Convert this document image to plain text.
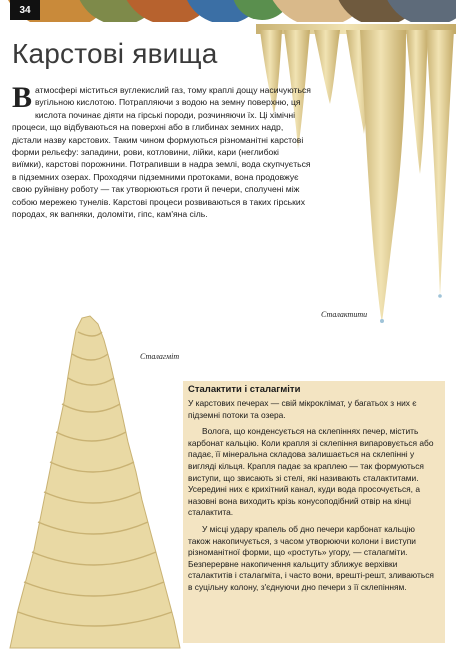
34
Карстові явища

Ватмосфері міститься вуглекислий газ, тому краплі дощу насичуються вугільною кислотою. Потрапляючи з водою на земну поверхню, ця кислота починає діяти на гірські породи, розчиняючи їх. Ці хімічні процеси, що відбуваються на поверхні або в глибинах земних надр, дістали назву карстових. Таким чином формуються різноманітні карстові форми рельєфу: западини, рови, котловини, лійки, кари (неглибокі виїмки), карстові порожнини. Потрапивши в надра землі, вода скупчується в підземних озерах. Проходячи підземними протоками, вона продовжує свою руйнівну роботу — так утворюються гроти й печери, сполучені між собою мережею тунелів. Карстові процеси розвиваються в таких гірських породах, як вапняки, доломіти, гіпс, кам'яна сіль.

Сталактити
Сталагміт
Сталактити і сталагміти

У карстових печерах — свій мікроклімат, у багатьох з них є підземні потоки та озера.

Волога, що конденсується на склепіннях печер, містить карбонат кальцію. Коли крапля зі склепіння випаровується або падає, її мінеральна складова залишається на склепінні у вигляді кільця. Крапля падає за краплею — так формуються виступи, що звисають зі стелі, які називають сталактитами. Усередині них є крихітний канал, куди вода просочується, а назовні вона виходить крізь конусоподібний отвір на кінці сталактита.

У місці удару крапель об дно печери карбонат кальцію також накопичується, з часом утворюючи колони і виступи різноманітної форми, що «ростуть» угору, — сталагміти. Безперервне накопичення кальциту зближує верхівки сталактитів і сталагміта, і часто вони, врешті-решт, зливаються в суцільну колону, з'єднуючи дно печери з її склепінням.
